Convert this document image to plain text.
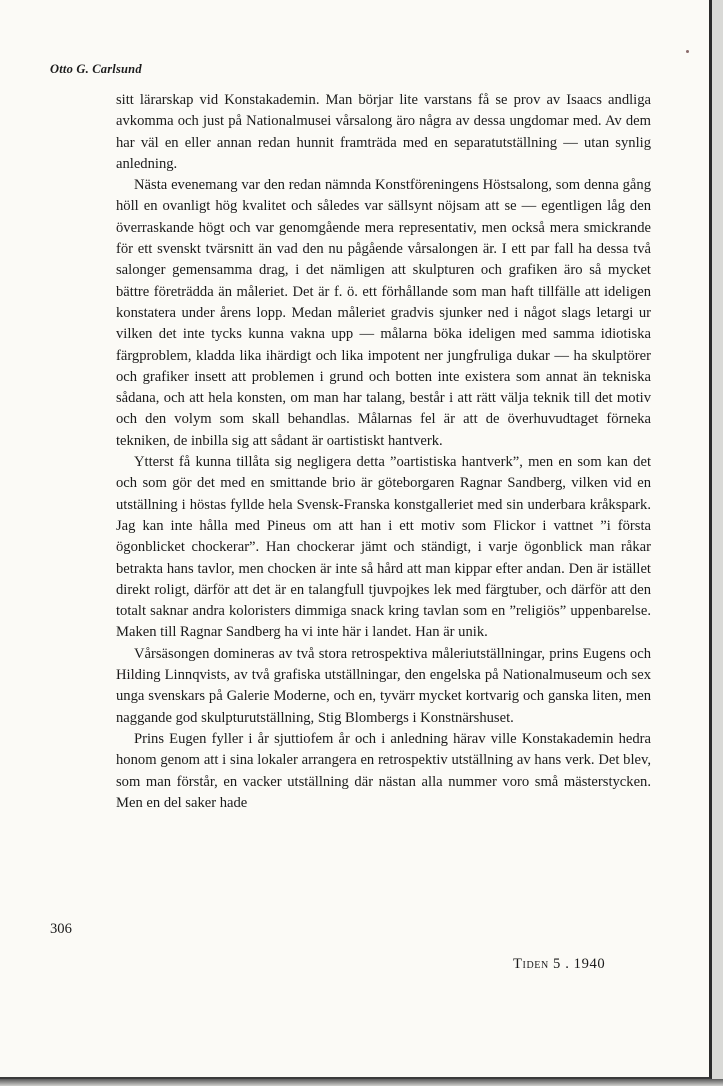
Otto G. Carlsund

sitt lärarskap vid Konstakademin. Man börjar lite varstans få se prov av Isaacs andliga avkomma och just på Nationalmusei vårsalong äro några av dessa ungdomar med. Av dem har väl en eller annan redan hunnit framträda med en separatutställning — utan synlig anledning.

Nästa evenemang var den redan nämnda Konstföreningens Höstsalong, som denna gång höll en ovanligt hög kvalitet och således var sällsynt nöjsam att se — egentligen låg den överraskande högt och var genomgående mera representativ, men också mera smickrande för ett svenskt tvärsnitt än vad den nu pågående vårsalongen är. I ett par fall ha dessa två salonger gemensamma drag, i det nämligen att skulpturen och grafiken äro så mycket bättre företrädda än måleriet. Det är f. ö. ett förhållande som man haft tillfälle att ideligen konstatera under årens lopp. Medan måleriet gradvis sjunker ned i något slags letargi ur vilken det inte tycks kunna vakna upp — målarna böka ideligen med samma idiotiska färgproblem, kladda lika ihärdigt och lika impotent ner jungfruliga dukar — ha skulptörer och grafiker insett att problemen i grund och botten inte existera som annat än tekniska sådana, och att hela konsten, om man har talang, består i att rätt välja teknik till det motiv och den volym som skall behandlas. Målarnas fel är att de överhuvudtaget förneka tekniken, de inbilla sig att sådant är oartistiskt hantverk.

Ytterst få kunna tillåta sig negligera detta ”oartistiska hantverk”, men en som kan det och som gör det med en smittande brio är göteborgaren Ragnar Sandberg, vilken vid en utställning i höstas fyllde hela Svensk-Franska konstgalleriet med sin underbara kråkspark. Jag kan inte hålla med Pineus om att han i ett motiv som Flickor i vattnet ”i första ögonblicket chockerar”. Han chockerar jämt och ständigt, i varje ögonblick man råkar betrakta hans tavlor, men chocken är inte så hård att man kippar efter andan. Den är istället direkt roligt, därför att det är en talangfull tjuvpojkes lek med färgtuber, och därför att den totalt saknar andra koloristers dimmiga snack kring tavlan som en ”religiös” uppenbarelse. Maken till Ragnar Sandberg ha vi inte här i landet. Han är unik.

Vårsäsongen domineras av två stora retrospektiva måleriutställningar, prins Eugens och Hilding Linnqvists, av två grafiska utställningar, den engelska på Nationalmuseum och sex unga svenskars på Galerie Moderne, och en, tyvärr mycket kortvarig och ganska liten, men naggande god skulpturutställning, Stig Blombergs i Konstnärshuset.

Prins Eugen fyller i år sjuttiofem år och i anledning härav ville Konstakademin hedra honom genom att i sina lokaler arrangera en retrospektiv utställning av hans verk. Det blev, som man förstår, en vacker utställning där nästan alla nummer voro små mästerstycken. Men en del saker hade

306
Tiden 5 . 1940
